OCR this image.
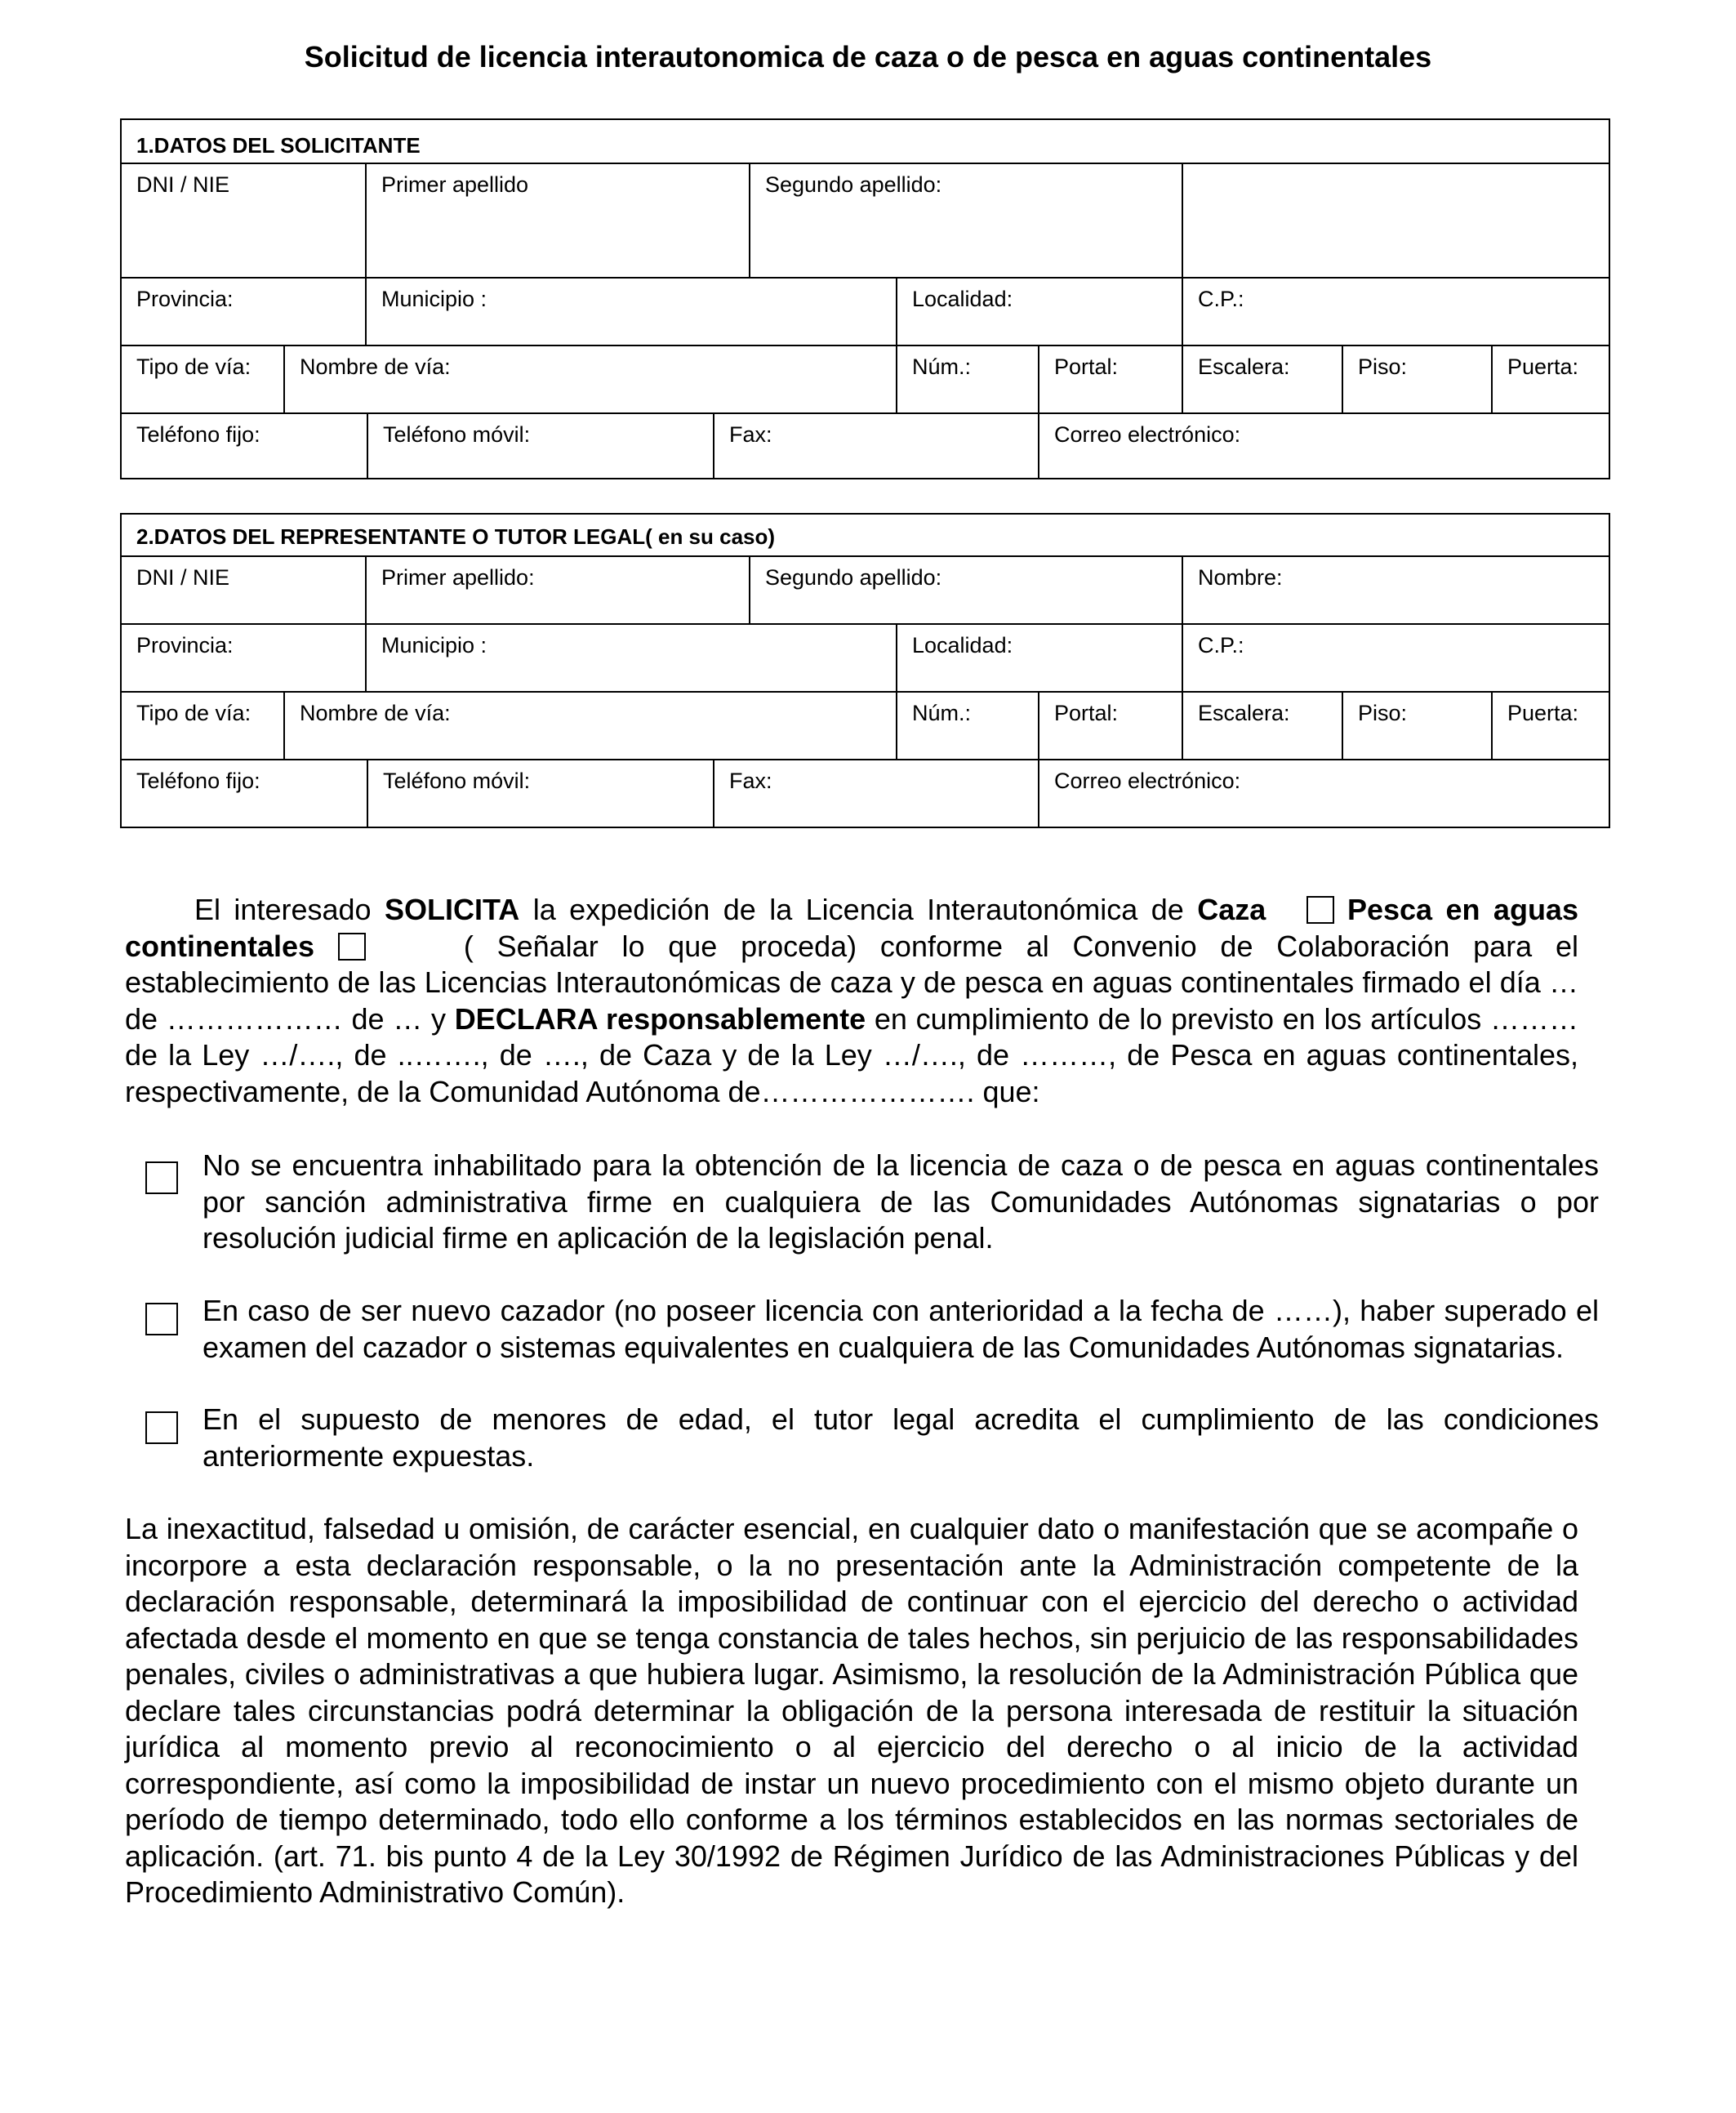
Solicitud de licencia interautonomica de caza o de pesca en aguas continentales
1.DATOS DEL SOLICITANTE
DNI / NIE	Primer apellido	Segundo apellido:
Provincia:	Municipio :	Localidad:	C.P.:
Tipo de vía:	Nombre de vía:	Núm.:	Portal:	Escalera:	Piso:	Puerta:
Teléfono fijo:	Teléfono móvil:	Fax:	Correo electrónico:
2.DATOS DEL REPRESENTANTE O TUTOR LEGAL( en su caso)
DNI / NIE	Primer apellido:	Segundo apellido:	Nombre:
Provincia:	Municipio :	Localidad:	C.P.:
Tipo de vía:	Nombre de vía:	Núm.:	Portal:	Escalera:	Piso:	Puerta:
Teléfono fijo:	Teléfono móvil:	Fax:	Correo electrónico:
El interesado SOLICITA la expedición de la Licencia Interautonómica de Caza	Pesca en aguas continentales	( Señalar lo que proceda) conforme al Convenio de Colaboración para el establecimiento de las Licencias Interautonómicas de caza y de pesca en aguas continentales firmado el día … de ……………… de … y DECLARA responsablemente en cumplimiento de lo previsto en los artículos ……… de la Ley …/…., de ..……., de …., de Caza y de la Ley …/…., de ………, de Pesca en aguas continentales, respectivamente, de la Comunidad Autónoma de…………………. que:
No se encuentra inhabilitado para la obtención de la licencia de caza o de pesca en aguas continentales por sanción administrativa firme en cualquiera de las Comunidades Autónomas signatarias o por resolución judicial firme en aplicación de la legislación penal.
En caso de ser nuevo cazador (no poseer licencia con anterioridad a la fecha de ……), haber superado el examen del cazador o sistemas equivalentes en cualquiera de las Comunidades Autónomas signatarias.
En el supuesto de menores de edad, el tutor legal acredita el cumplimiento de las condiciones anteriormente expuestas.
La inexactitud, falsedad u omisión, de carácter esencial, en cualquier dato o manifestación que se acompañe o incorpore a esta declaración responsable, o la no presentación ante la Administración competente de la declaración responsable, determinará la imposibilidad de continuar con el ejercicio del derecho o actividad afectada desde el momento en que se tenga constancia de tales hechos, sin perjuicio de las responsabilidades penales, civiles o administrativas a que hubiera lugar. Asimismo, la resolución de la Administración Pública que declare tales circunstancias podrá determinar la obligación de la persona interesada de restituir la situación jurídica al momento previo al reconocimiento o al ejercicio del derecho o al inicio de la actividad correspondiente, así como la imposibilidad de instar un nuevo procedimiento con el mismo objeto durante un período de tiempo determinado, todo ello conforme a los términos establecidos en las normas sectoriales de aplicación. (art. 71. bis punto 4 de la Ley 30/1992 de Régimen Jurídico de las Administraciones Públicas y del Procedimiento Administrativo Común).
